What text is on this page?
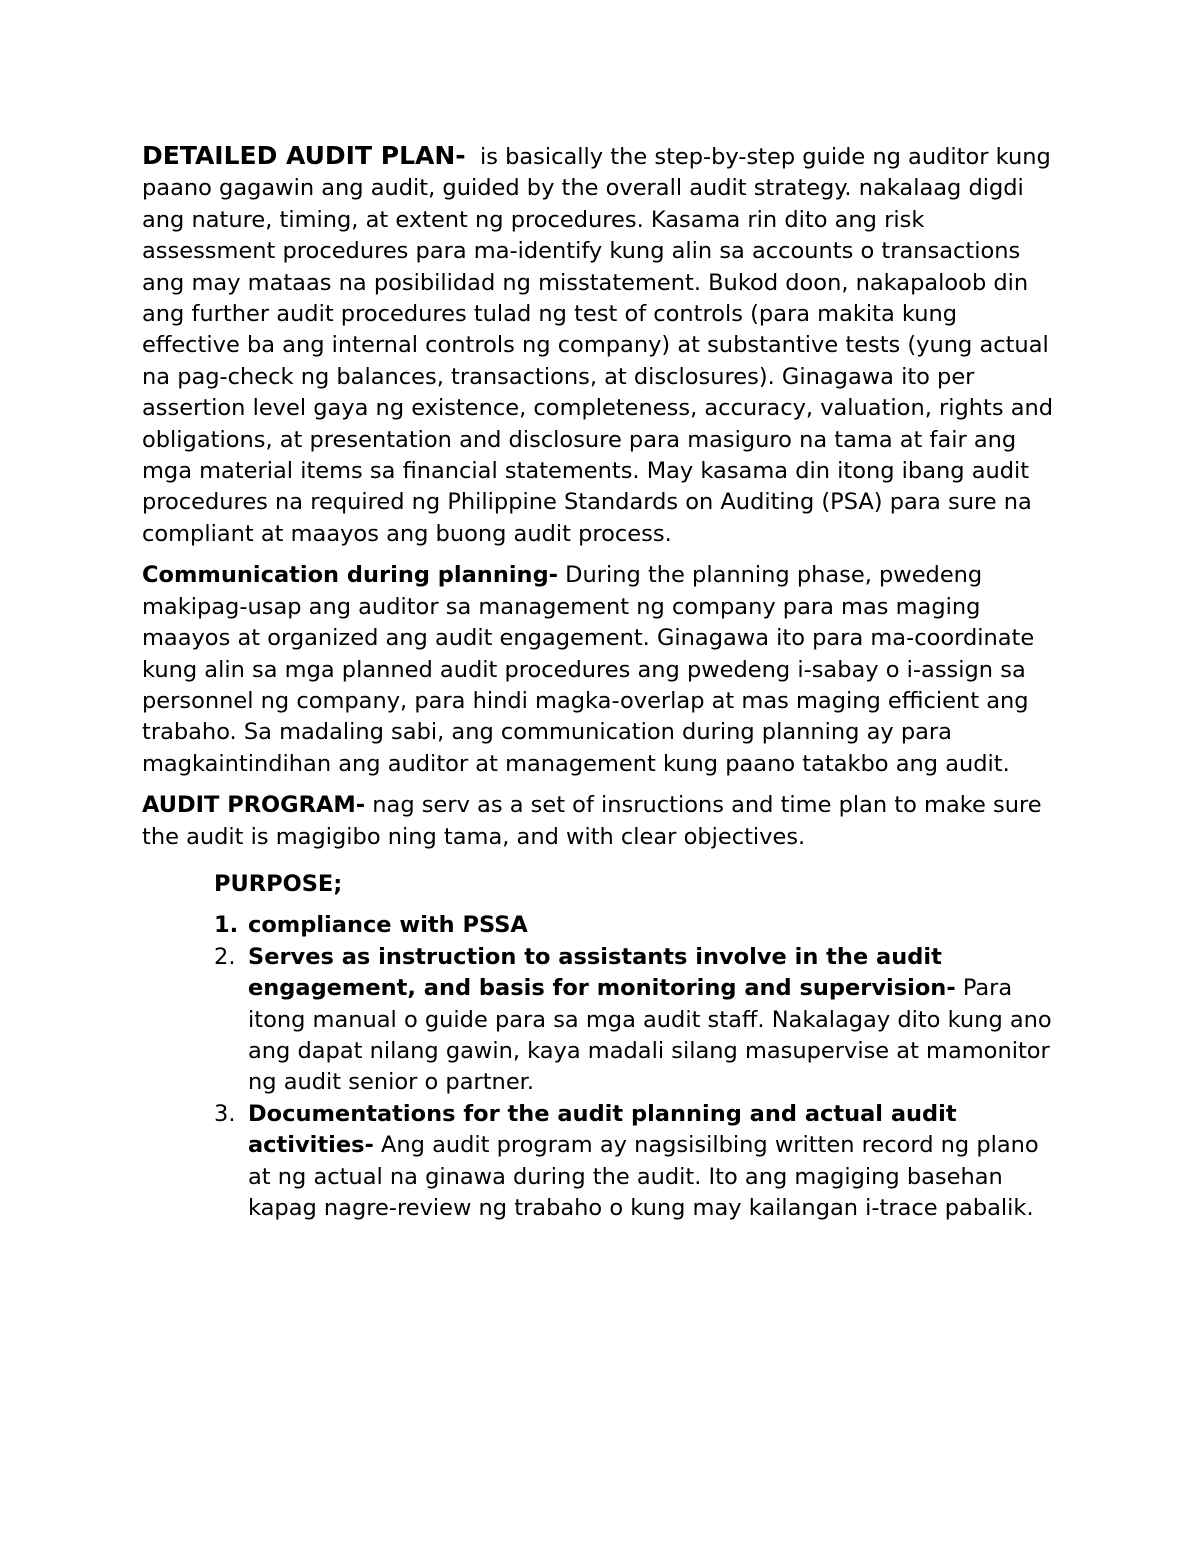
DETAILED AUDIT PLAN- is basically the step-by-step guide ng auditor kung paano gagawin ang audit, guided by the overall audit strategy. nakalaag digdi ang nature, timing, at extent ng procedures. Kasama rin dito ang risk assessment procedures para ma-identify kung alin sa accounts o transactions ang may mataas na posibilidad ng misstatement. Bukod doon, nakapaloob din ang further audit procedures tulad ng test of controls (para makita kung effective ba ang internal controls ng company) at substantive tests (yung actual na pag-check ng balances, transactions, at disclosures). Ginagawa ito per assertion level gaya ng existence, completeness, accuracy, valuation, rights and obligations, at presentation and disclosure para masiguro na tama at fair ang mga material items sa financial statements. May kasama din itong ibang audit procedures na required ng Philippine Standards on Auditing (PSA) para sure na compliant at maayos ang buong audit process.

Communication during planning- During the planning phase, pwedeng makipag-usap ang auditor sa management ng company para mas maging maayos at organized ang audit engagement. Ginagawa ito para ma-coordinate kung alin sa mga planned audit procedures ang pwedeng i-sabay o i-assign sa personnel ng company, para hindi magka-overlap at mas maging efficient ang trabaho. Sa madaling sabi, ang communication during planning ay para magkaintindihan ang auditor at management kung paano tatakbo ang audit.

AUDIT PROGRAM- nag serv as a set of insructions and time plan to make sure the audit is magigibo ning tama, and with clear objectives.

PURPOSE;
1. compliance with PSSA
2. Serves as instruction to assistants involve in the audit engagement, and basis for monitoring and supervision- Para itong manual o guide para sa mga audit staff. Nakalagay dito kung ano ang dapat nilang gawin, kaya madali silang masupervise at mamonitor ng audit senior o partner.
3. Documentations for the audit planning and actual audit activities- Ang audit program ay nagsisilbing written record ng plano at ng actual na ginawa during the audit. Ito ang magiging basehan kapag nagre-review ng trabaho o kung may kailangan i-trace pabalik.
